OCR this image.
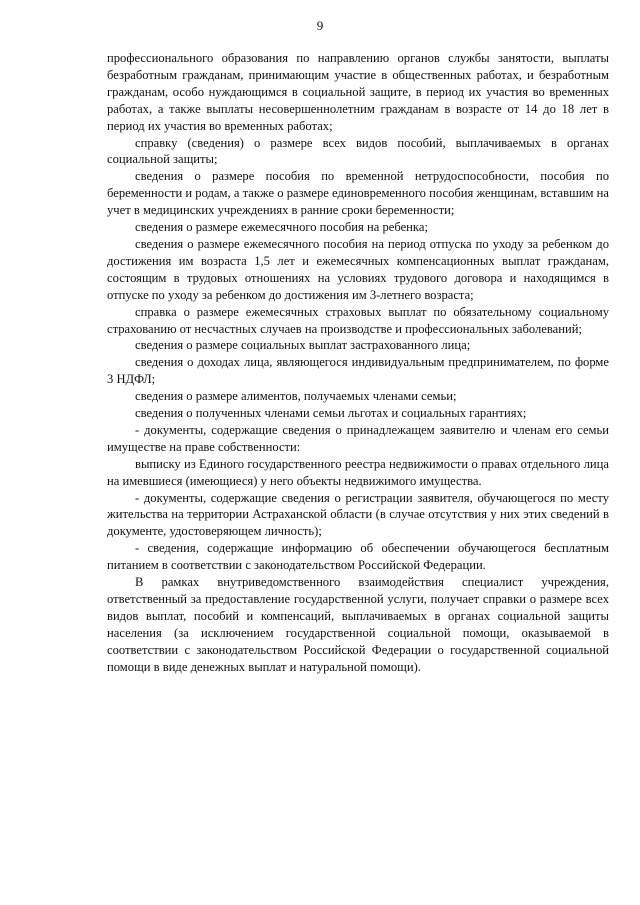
9

профессионального образования по направлению органов службы занятости, выплаты безработным гражданам, принимающим участие в общественных работах, и безработным гражданам, особо нуждающимся в социальной защите, в период их участия во временных работах, а также выплаты несовершеннолетним гражданам в возрасте от 14 до 18 лет в период их участия во временных работах;

справку (сведения) о размере всех видов пособий, выплачиваемых в органах социальной защиты;

сведения о размере пособия по временной нетрудоспособности, пособия по беременности и родам, а также о размере единовременного пособия женщинам, вставшим на учет в медицинских учреждениях в ранние сроки беременности;

сведения о размере ежемесячного пособия на ребенка;

сведения о размере ежемесячного пособия на период отпуска по уходу за ребенком до достижения им возраста 1,5 лет и ежемесячных компенсационных выплат гражданам, состоящим в трудовых отношениях на условиях трудового договора и находящимся в отпуске по уходу за ребенком до достижения им 3-летнего возраста;

справка о размере ежемесячных страховых выплат по обязательному социальному страхованию от несчастных случаев на производстве и профессиональных заболеваний;

сведения о размере социальных выплат застрахованного лица;

сведения о доходах лица, являющегося индивидуальным предпринимателем, по форме 3 НДФЛ;

сведения о размере алиментов, получаемых членами семьи;

сведения о полученных членами семьи льготах и социальных гарантиях;

- документы, содержащие сведения о принадлежащем заявителю и членам его семьи имуществе на праве собственности:

выписку из Единого государственного реестра недвижимости о правах отдельного лица на имевшиеся (имеющиеся) у него объекты недвижимого имущества.

- документы, содержащие сведения о регистрации заявителя, обучающегося по месту жительства на территории Астраханской области (в случае отсутствия у них этих сведений в документе, удостоверяющем личность);

- сведения, содержащие информацию об обеспечении обучающегося бесплатным питанием в соответствии с законодательством Российской Федерации.

В рамках внутриведомственного взаимодействия специалист учреждения, ответственный за предоставление государственной услуги, получает справки о размере всех видов выплат, пособий и компенсаций, выплачиваемых в органах социальной защиты населения (за исключением государственной социальной помощи, оказываемой в соответствии с законодательством Российской Федерации о государственной социальной помощи в виде денежных выплат и натуральной помощи).
